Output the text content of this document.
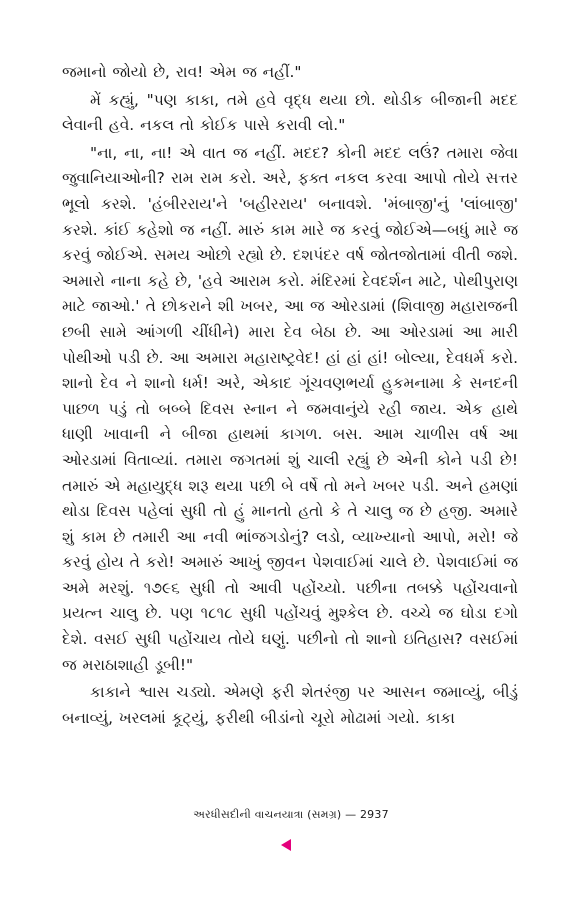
જમાનો જોયો છે, રાવ! એમ જ નહીં."

મેં કહ્યું, "પણ કાકા, તમે હવે વૃદ્ધ થયા છો. થોડીક બીજાની મદદ લેવાની હવે. નકલ તો કોઈક પાસે કરાવી લો."

"ના, ના, ના! એ વાત જ નહીં. મદદ? કોની મદદ લઉં? તમારા જેવા જુવાનિયાઓની? રામ રામ કરો. અરે, ફક્ત નકલ કરવા આપો તોયે સત્તર ભૂલો કરશે. 'હંબીરરાય'ને 'બહીરરાય' બનાવશે. 'મંબાજી'નું 'લાંબાજી' કરશે. કાંઈ કહેશો જ નહીં. મારું કામ મારે જ કરવું જોઈએ—બધું મારે જ કરવું જોઈએ. સમય ઓછો રહ્યો છે. દશપંદર વર્ષ જોતજોતામાં વીતી જશે. અમારો નાના કહે છે, 'હવે આરામ કરો. મંદિરમાં દેવદર્શન માટે, પોથીપુરાણ માટે જાઓ.' તે છોકરાને શી ખબર, આ જ ઓરડામાં (શિવાજી મહારાજની છબી સામે આંગળી ચીંધીને) મારા દેવ બેઠા છે. આ ઓરડામાં આ મારી પોથીઓ પડી છે. આ અમારા મહારાષ્ટ્રવેદ! હાં હાં હાં! બોલ્યા, દેવધર્મ કરો. શાનો દેવ ને શાનો ધર્મ! અરે, એકાદ ગૂંચવણભર્યા હુકમનામા કે સનદની પાછળ પડું તો બબ્બે દિવસ સ્નાન ને જમવાનુંયે રહી જાય. એક હાથે ધાણી ખાવાની ને બીજા હાથમાં કાગળ. બસ. આમ ચાળીસ વર્ષ આ ઓરડામાં વિતાવ્યાં. તમારા જગતમાં શું ચાલી રહ્યું છે એની કોને પડી છે! તમારું એ મહાયુદ્ધ શરૂ થયા પછી બે વર્ષે તો મને ખબર પડી. અને હમણાં થોડા દિવસ પહેલાં સુધી તો હું માનતો હતો કે તે ચાલુ જ છે હજી. અમારે શું કામ છે તમારી આ નવી ભાંજગડોનું? લડો, વ્યાખ્યાનો આપો, મરો! જે કરવું હોય તે કરો! અમારું આખું જીવન પેશવાઈમાં ચાલે છે. પેશવાઈમાં જ અમે મરશું. ૧૭૯૬ સુધી તો આવી પહોંચ્યો. પછીના તબક્કે પહોંચવાનો પ્રયત્ન ચાલુ છે. પણ ૧૮૧૮ સુધી પહોંચવું મુશ્કેલ છે. વચ્ચે જ ઘોડા દગો દેશે. વસઈ સુધી પહોંચાય તોયે ઘણું. પછીનો તો શાનો ઇતિહાસ? વસઈમાં જ મરાઠાશાહી ડૂબી!"

કાકાને શ્વાસ ચડ્યો. એમણે ફરી શેતરંજી પર આસન જમાવ્યું, બીડું બનાવ્યું, ખરલમાં કૂટ્યું, ફરીથી બીડાંનો ચૂરો મોઢામાં ગયો. કાકા

અરધીસદીની વાચનયાત્રા (સમગ્ર) — 2937
